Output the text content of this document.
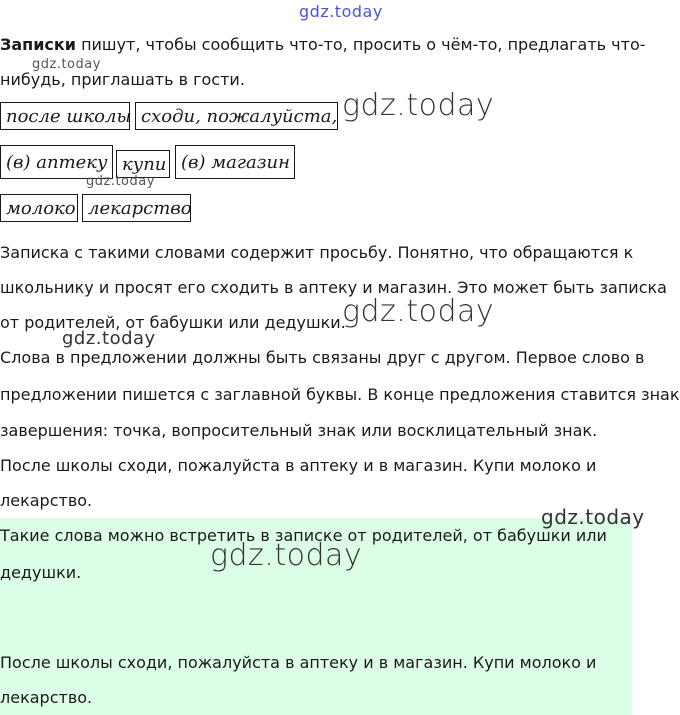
gdz.today

Записки пишут, чтобы сообщить что-то, просить о чём-то, предлагать что-

нибудь, приглашать в гости.

gdz.today
после школы сходи, пожалуйста, gdz.today
(в) аптеку купи (в) магазин
gdz.today
молоко лекарство

Записка с такими словами содержит просьбу. Понятно, что обращаются к

школьнику и просят его сходить в аптеку и магазин. Это может быть записка

от родителей, от бабушки или дедушки.

gdz.today
gdz.today

Слова в предложении должны быть связаны друг с другом. Первое слово в

предложении пишется с заглавной буквы. В конце предложения ставится знак

завершения: точка, вопросительный знак или восклицательный знак.

После школы сходи, пожалуйста в аптеку и в магазин. Купи молоко и

лекарство.

gdz.today

Такие слова можно встретить в записке от родителей, от бабушки или

gdz.today

дедушки.

После школы сходи, пожалуйста в аптеку и в магазин. Купи молоко и

лекарство.
